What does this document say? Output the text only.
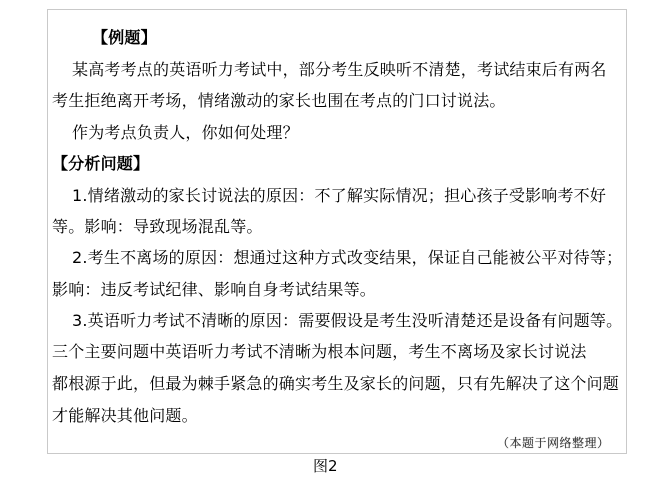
【例题】
某高考考点的英语听力考试中，部分考生反映听不清楚，考试结束后有两名
考生拒绝离开考场，情绪激动的家长也围在考点的门口讨说法。
作为考点负责人，你如何处理？
【分析问题】
1.情绪激动的家长讨说法的原因：不了解实际情况；担心孩子受影响考不好
等。影响：导致现场混乱等。
2.考生不离场的原因：想通过这种方式改变结果，保证自己能被公平对待等；
影响：违反考试纪律、影响自身考试结果等。
3.英语听力考试不清晰的原因：需要假设是考生没听清楚还是设备有问题等。
三个主要问题中英语听力考试不清晰为根本问题，考生不离场及家长讨说法
都根源于此，但最为棘手紧急的确实考生及家长的问题，只有先解决了这个问题
才能解决其他问题。
（本题于网络整理）
图2
